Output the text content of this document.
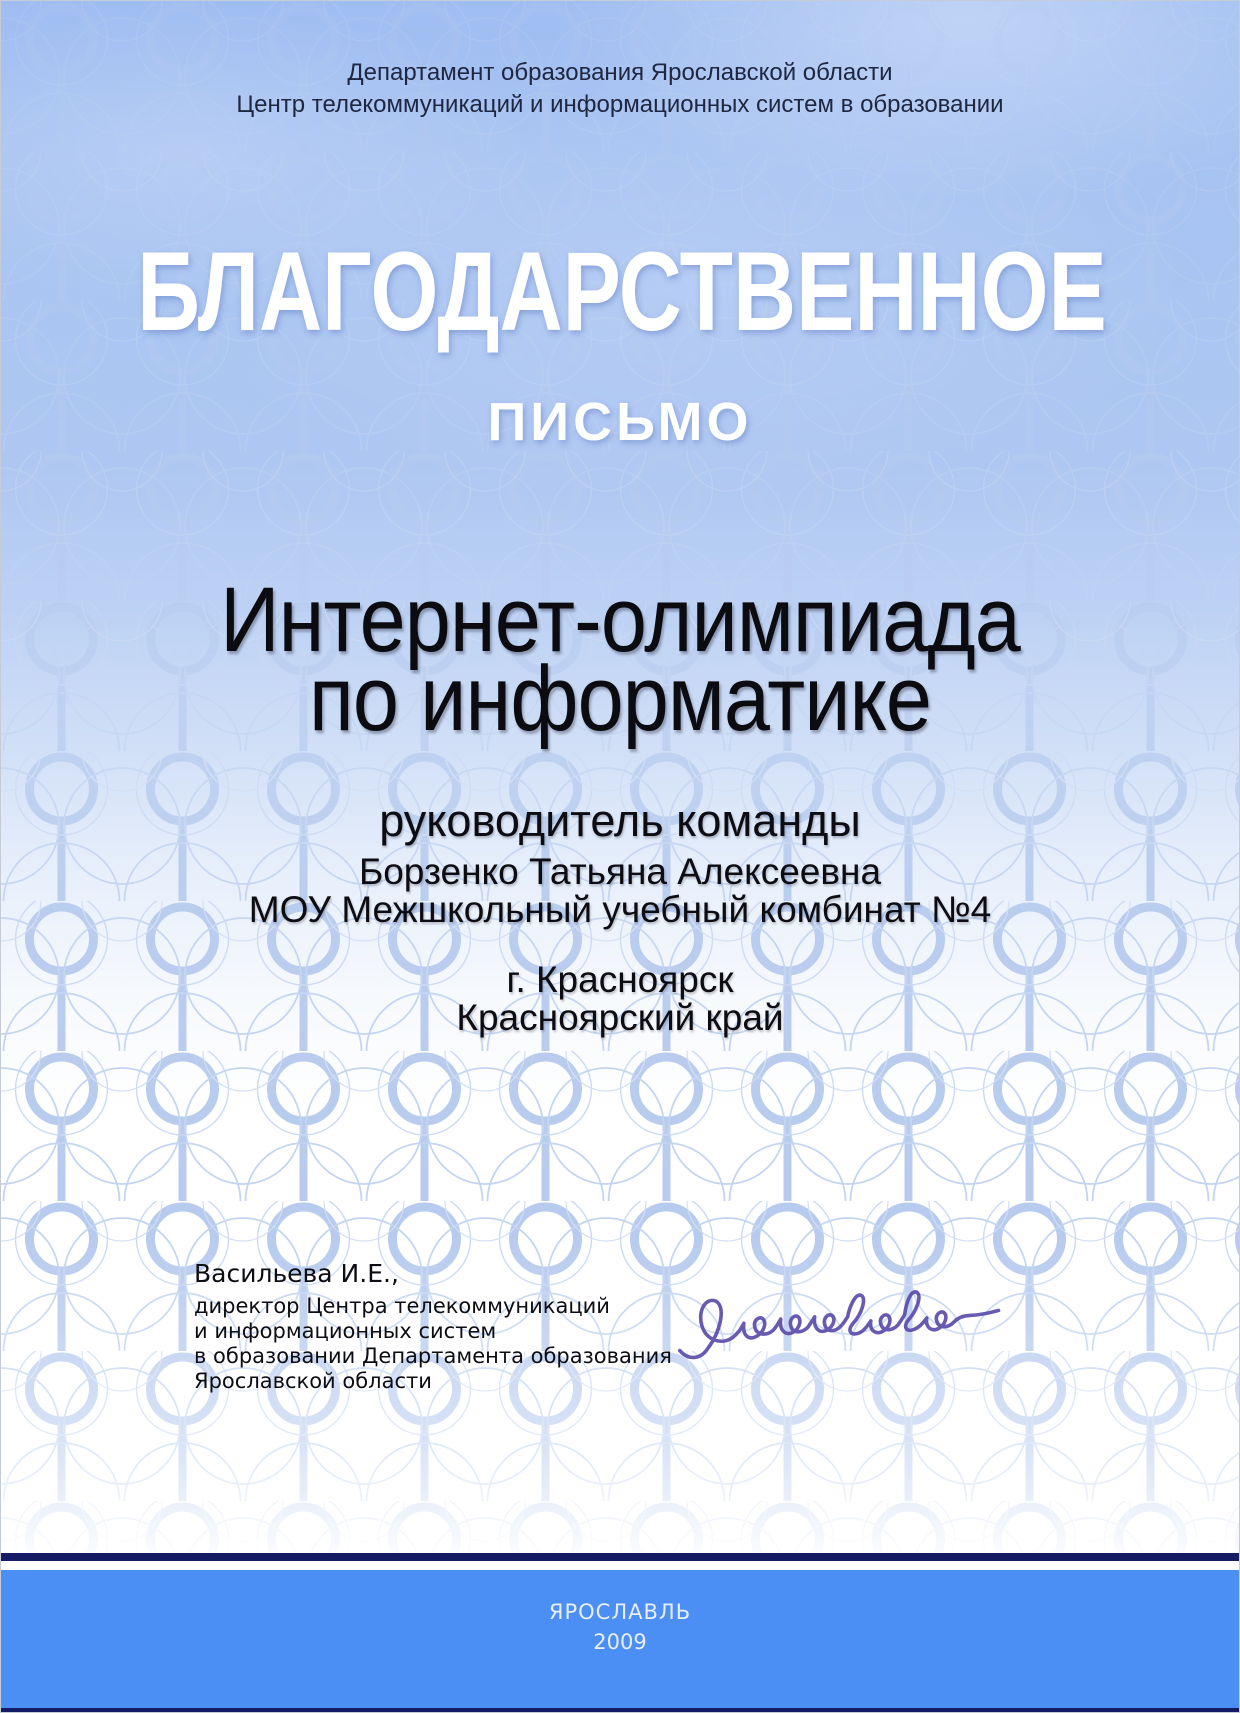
Департамент образования Ярославской области
Центр телекоммуникаций и информационных систем в образовании
БЛАГОДАРСТВЕННОЕ
ПИСЬМО
Интернет-олимпиада
по информатике
руководитель команды
Борзенко Татьяна Алексеевна
МОУ Межшкольный учебный комбинат №4
г. Красноярск
Красноярский край
Васильева И.Е.,
директор Центра телекоммуникаций
и информационных систем
в образовании Департамента образования
Ярославской области

ЯРОСЛАВЛЬ

2009
